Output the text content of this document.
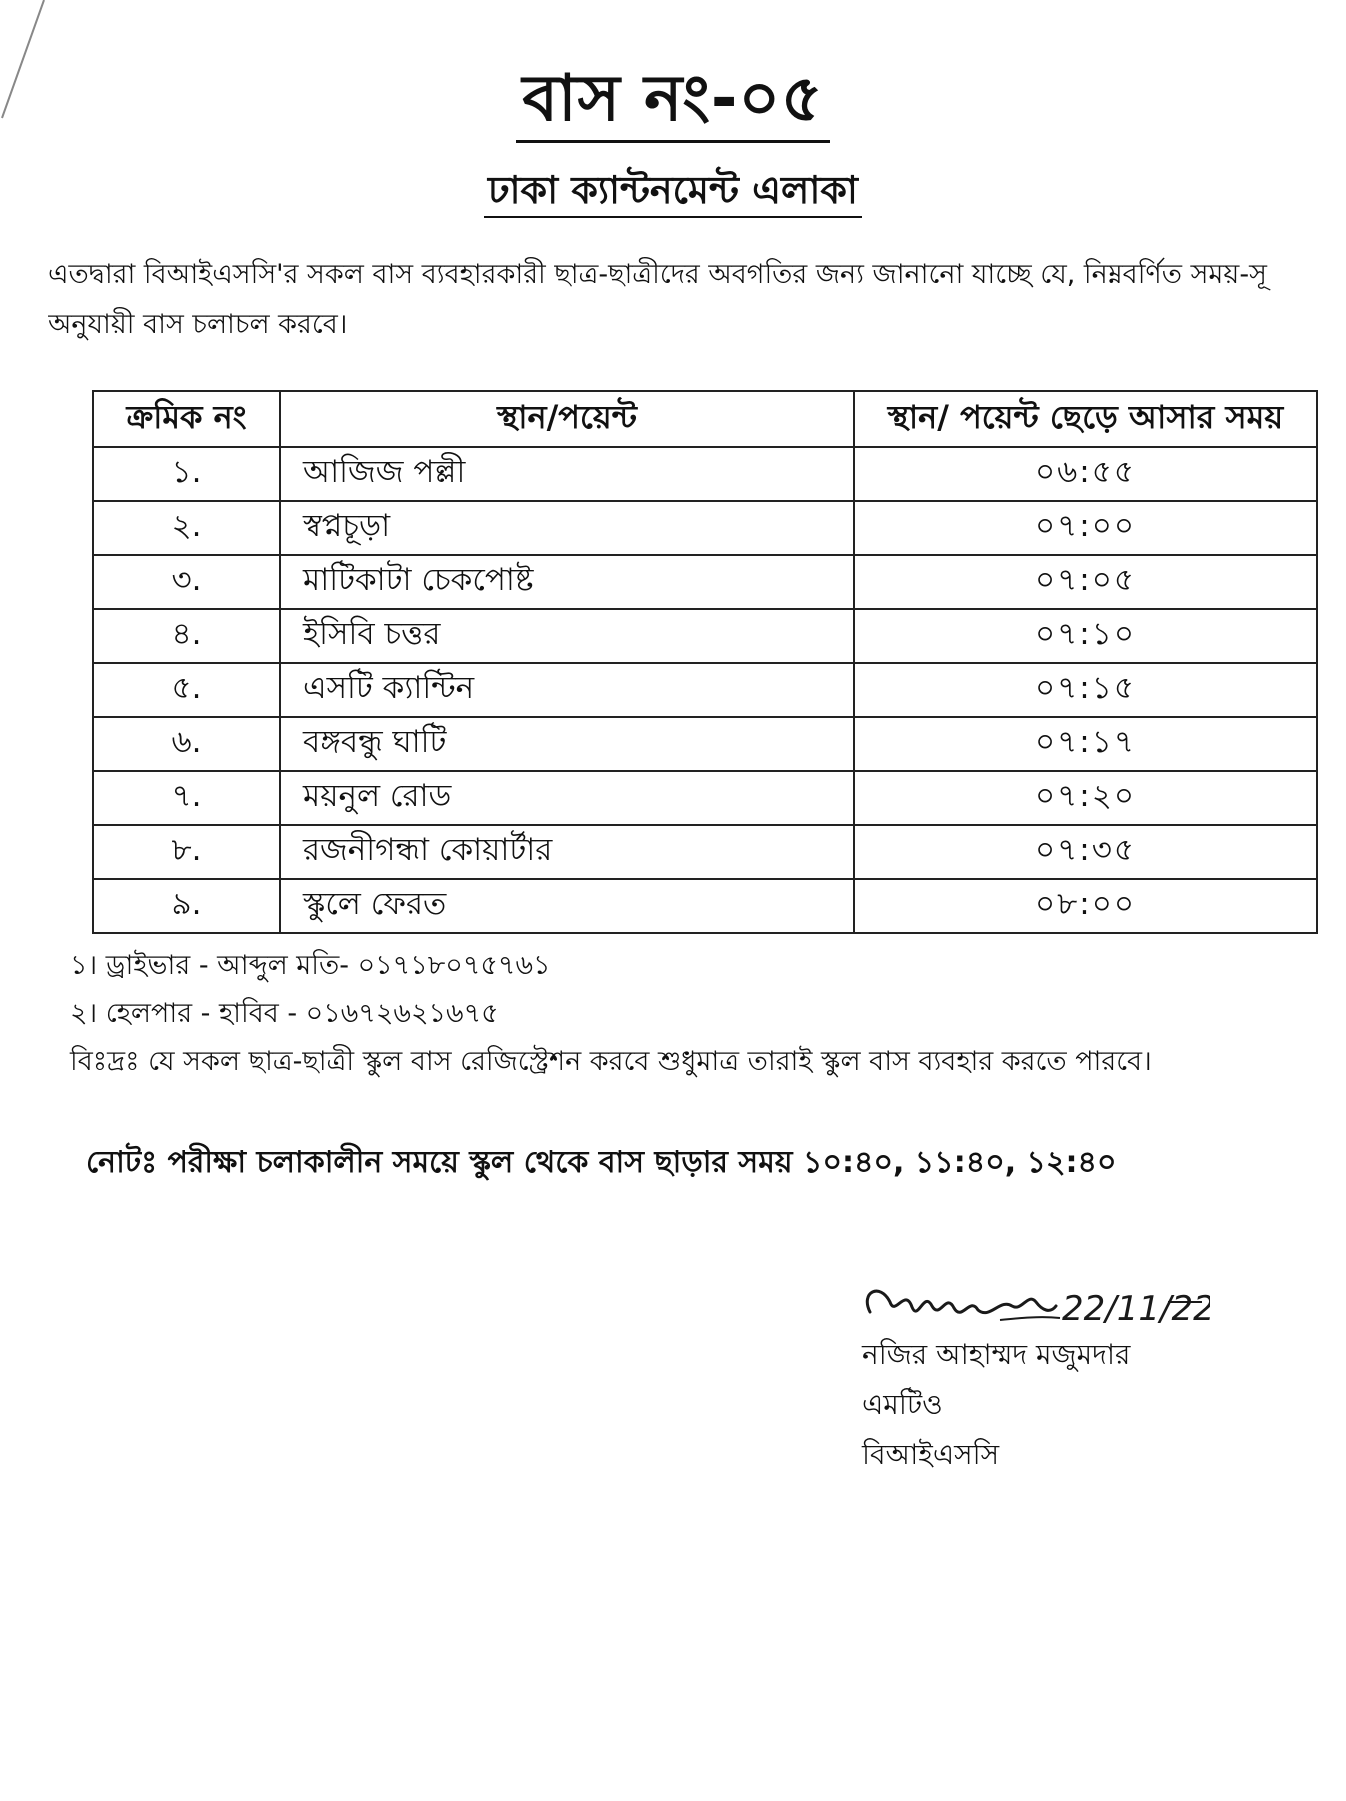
বাস নং-০৫
ঢাকা ক্যান্টনমেন্ট এলাকা
এতদ্বারা বিআইএসসি'র সকল বাস ব্যবহারকারী ছাত্র-ছাত্রীদের অবগতির জন্য জানানো যাচ্ছে যে, নিম্নবর্ণিত সময়-সূ
অনুযায়ী বাস চলাচল করবে।
ক্রমিক নং	স্থান/পয়েন্ট	স্থান/ পয়েন্ট ছেড়ে আসার সময়
১.	আজিজ পল্লী	০৬:৫৫
২.	স্বপ্নচূড়া	০৭:০০
৩.	মাটিকাটা চেকপোষ্ট	০৭:০৫
৪.	ইসিবি চত্তর	০৭:১০
৫.	এসটি ক্যান্টিন	০৭:১৫
৬.	বঙ্গবন্ধু ঘাটি	০৭:১৭
৭.	ময়নুল রোড	০৭:২০
৮.	রজনীগন্ধা কোয়ার্টার	০৭:৩৫
৯.	স্কুলে ফেরত	০৮:০০
১। ড্রাইভার - আব্দুল মতি- ০১৭১৮০৭৫৭৬১
২। হেলপার - হাবিব - ০১৬৭২৬২১৬৭৫
বিঃদ্রঃ যে সকল ছাত্র-ছাত্রী স্কুল বাস রেজিস্ট্রেশন করবে শুধুমাত্র তারাই স্কুল বাস ব্যবহার করতে পারবে।
নোটঃ পরীক্ষা চলাকালীন সময়ে স্কুল থেকে বাস ছাড়ার সময় ১০:৪০, ১১:৪০, ১২:৪০
22/11/22
নজির আহাম্মদ মজুমদার
এমটিও
বিআইএসসি
